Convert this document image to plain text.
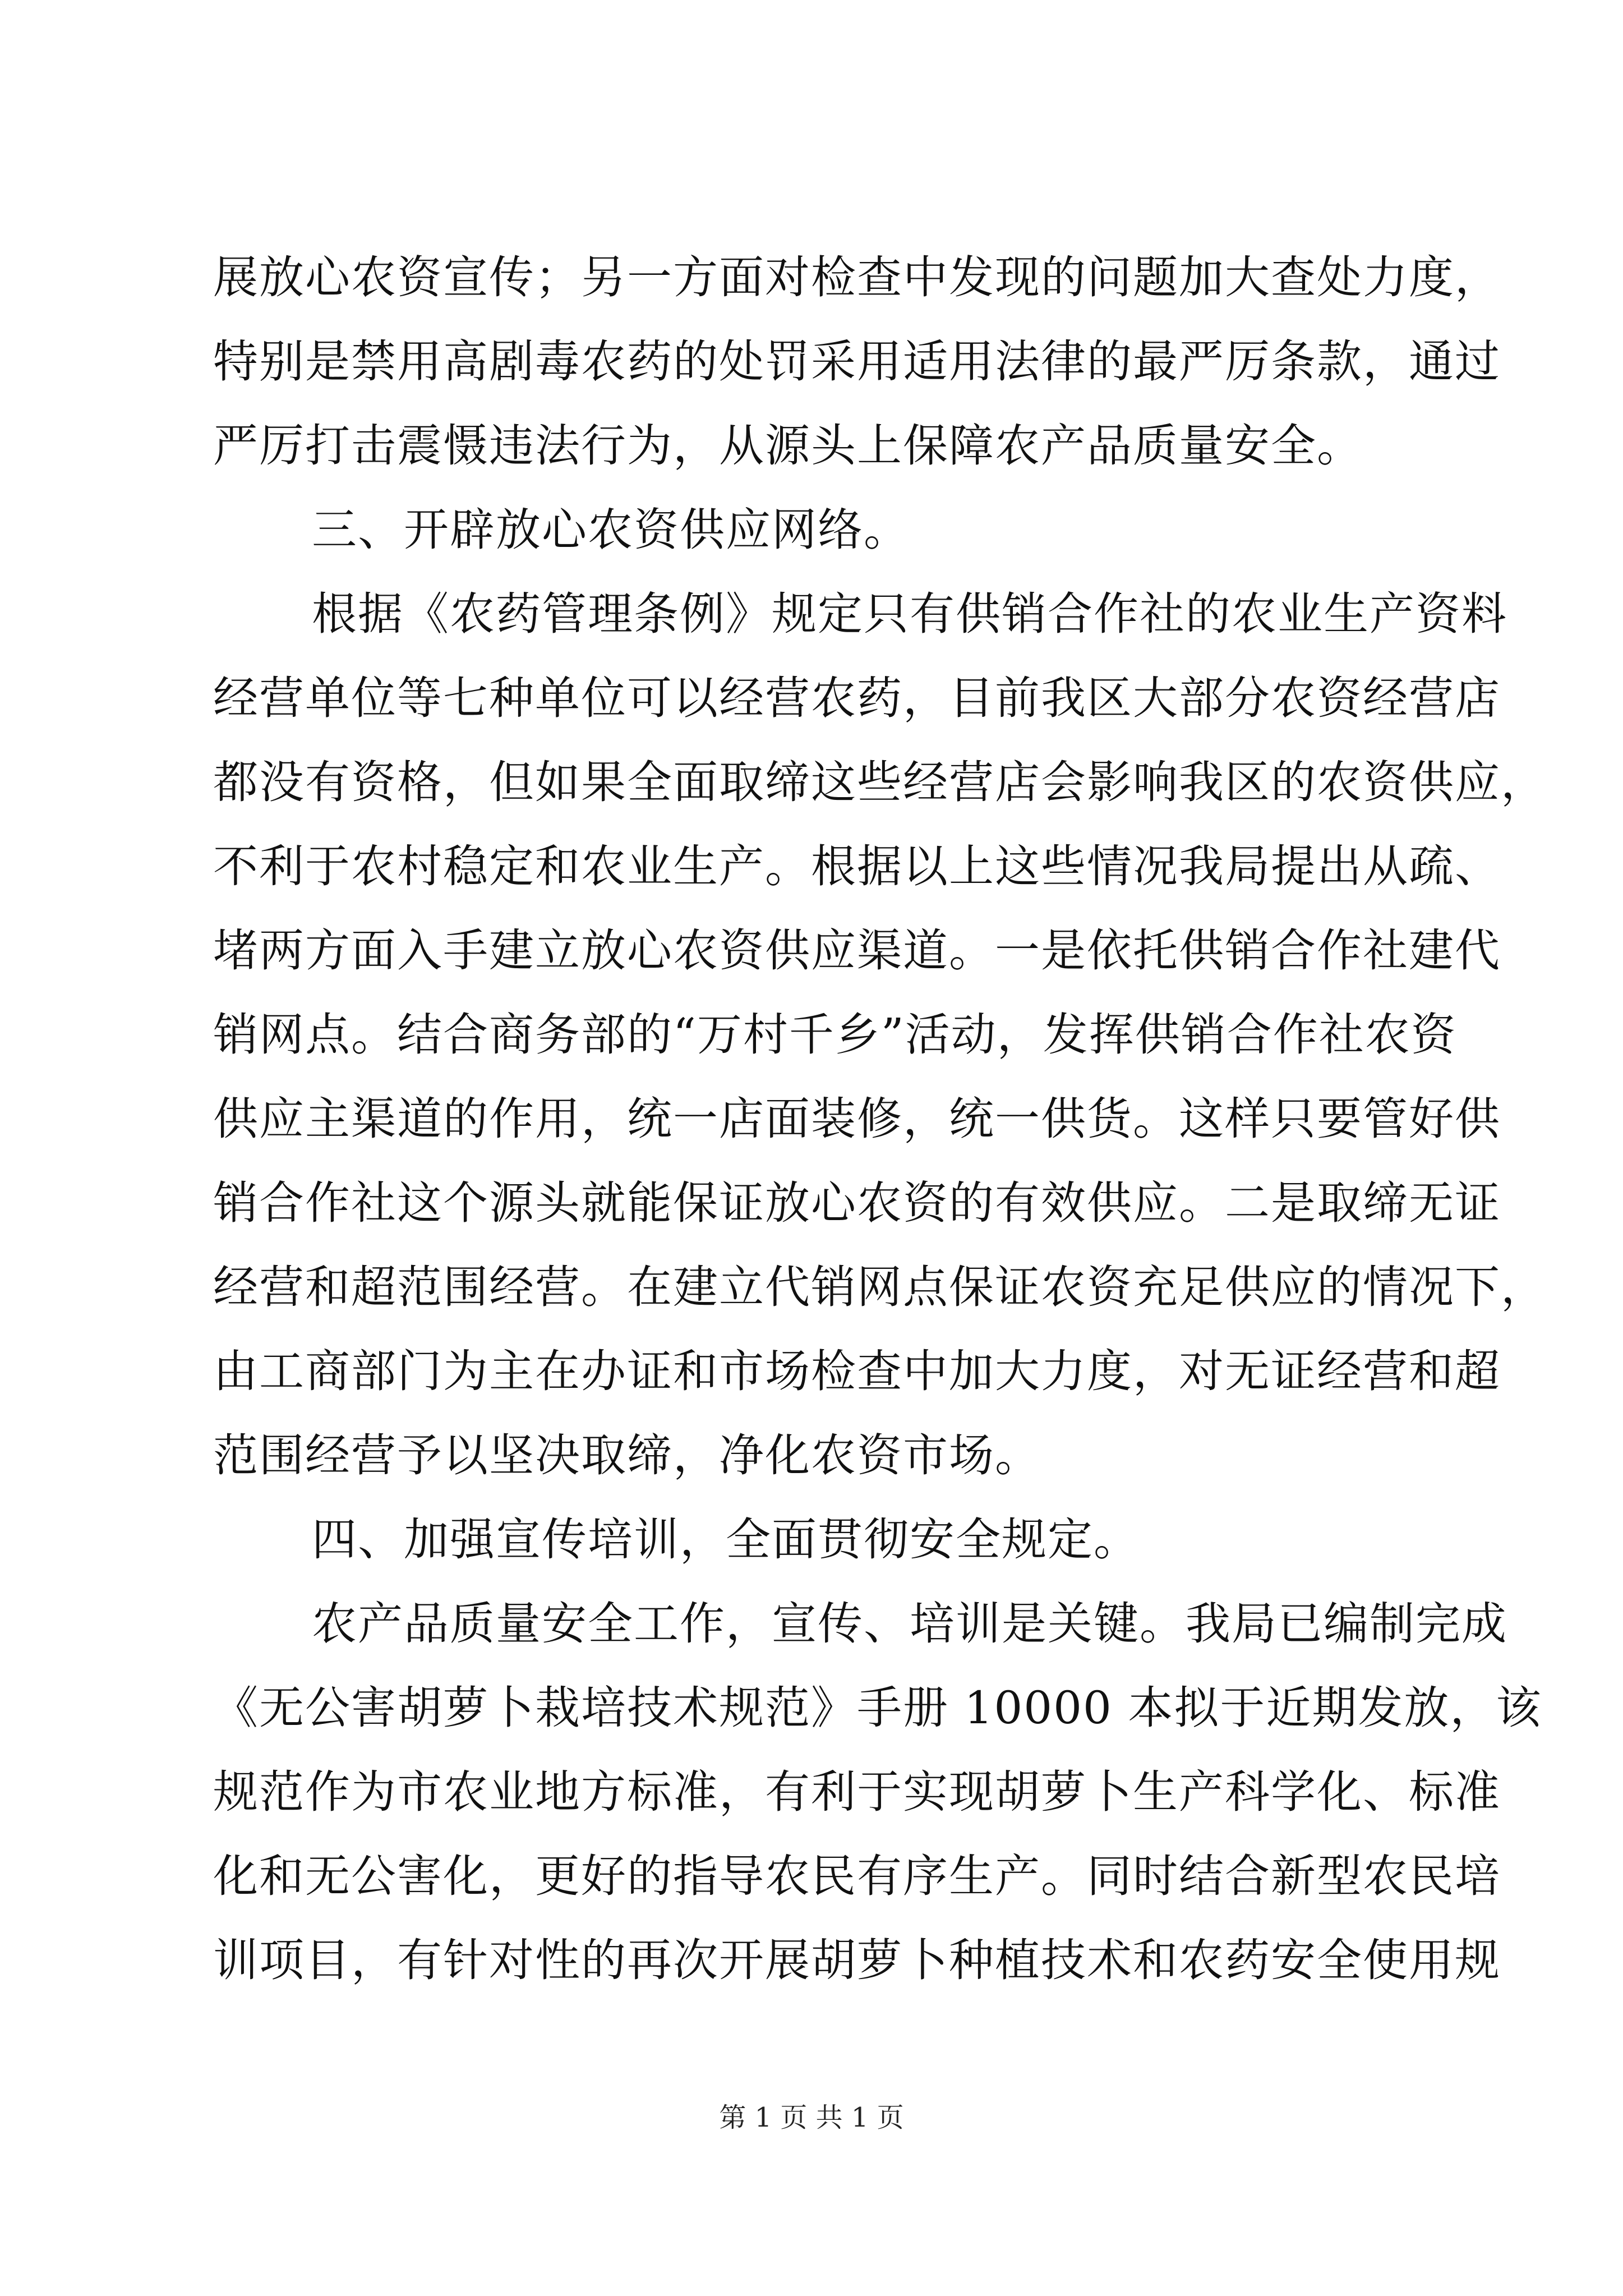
展放心农资宣传；另一方面对检查中发现的问题加大查处力度，
特别是禁用高剧毒农药的处罚采用适用法律的最严厉条款，通过
严厉打击震慑违法行为，从源头上保障农产品质量安全。
三、开辟放心农资供应网络。
根据《农药管理条例》规定只有供销合作社的农业生产资料
经营单位等七种单位可以经营农药，目前我区大部分农资经营店
都没有资格，但如果全面取缔这些经营店会影响我区的农资供应，
不利于农村稳定和农业生产。根据以上这些情况我局提出从疏、
堵两方面入手建立放心农资供应渠道。一是依托供销合作社建代
销网点。结合商务部的“万村千乡”活动，发挥供销合作社农资
供应主渠道的作用，统一店面装修，统一供货。这样只要管好供
销合作社这个源头就能保证放心农资的有效供应。二是取缔无证
经营和超范围经营。在建立代销网点保证农资充足供应的情况下，
由工商部门为主在办证和市场检查中加大力度，对无证经营和超
范围经营予以坚决取缔，净化农资市场。
四、加强宣传培训，全面贯彻安全规定。
农产品质量安全工作，宣传、培训是关键。我局已编制完成
《无公害胡萝卜栽培技术规范》手册 10000 本拟于近期发放，该
规范作为市农业地方标准，有利于实现胡萝卜生产科学化、标准
化和无公害化，更好的指导农民有序生产。同时结合新型农民培
训项目，有针对性的再次开展胡萝卜种植技术和农药安全使用规
第 1 页 共 1 页
